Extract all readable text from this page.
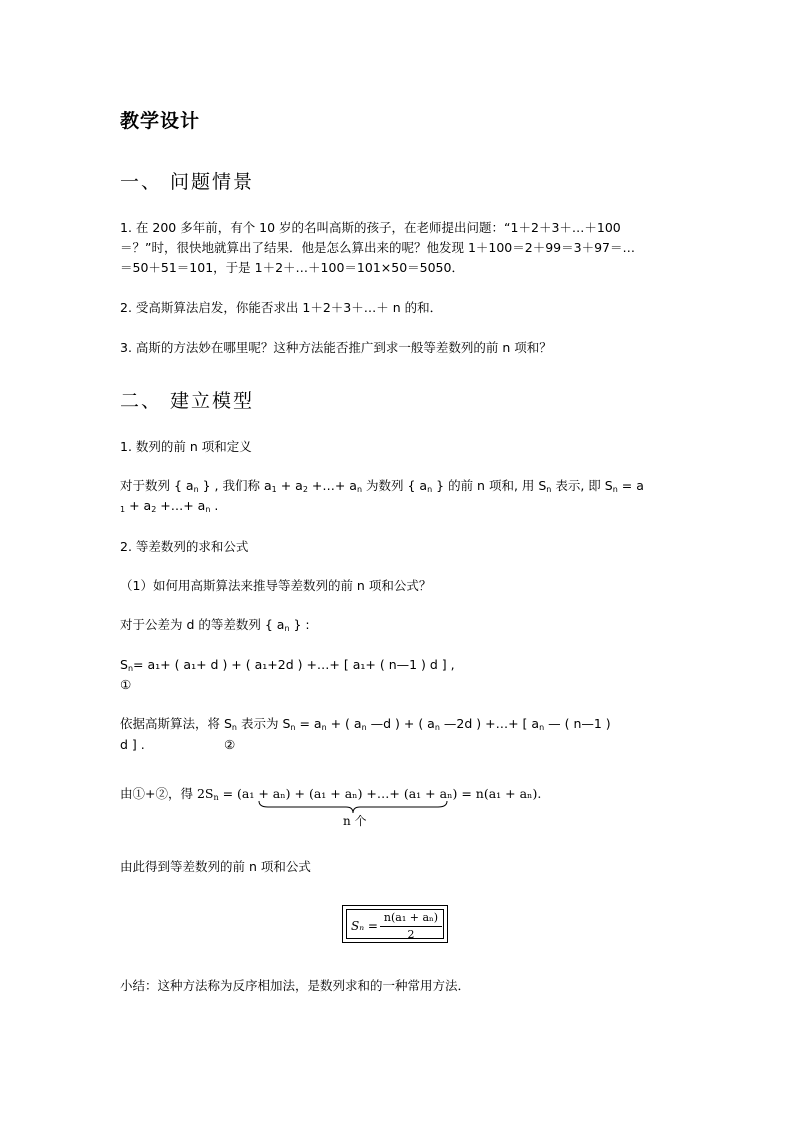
教学设计
一、 问题情景
1. 在 200 多年前，有个 10 岁的名叫高斯的孩子，在老师提出问题：“1＋2＋3＋…＋100
＝？”时，很快地就算出了结果．他是怎么算出来的呢？他发现 1＋100＝2＋99＝3＋97＝…
＝50＋51＝101，于是 1＋2＋…＋100＝101×50＝5050．
2. 受高斯算法启发，你能否求出 1＋2＋3＋…＋ n 的和．
3. 高斯的方法妙在哪里呢？这种方法能否推广到求一般等差数列的前 n 项和？
二、 建立模型
1. 数列的前 n 项和定义
对于数列 { $a_n$ } , 我们称 $a_1 + a_2$ +…+ $a_n$ 为数列 { $a_n$ } 的前 n 项和, 用 $S_n$ 表示, 即 $S_n = a$
$_1 + a_2$ +…+ $a_n$ .
2. 等差数列的求和公式
（1）如何用高斯算法来推导等差数列的前 n 项和公式？
对于公差为 d 的等差数列 { $a_n$ } :
$S_n= a_1+$ ( a₁+ d ) + ( a₁+2d ) +…+ [ a₁+ ( n—1 ) d ] ,
①
依据高斯算法，将 $S_n$ 表示为 $S_n = a_n$ + ( $a_n$ —d ) + ( $a_n$ —2d ) +…+ [ $a_n$ — ( n—1 )
d ] .	②
由①+②，得 $2S_n = (a_1 + a_n) + (a_1 + a_n)$ +…+ (a₁ + aₙ) = n(a₁ + aₙ).
n 个
由此得到等差数列的前 n 项和公式
Sₙ =
n(a₁ + aₙ)
2
小结：这种方法称为反序相加法，是数列求和的一种常用方法．
